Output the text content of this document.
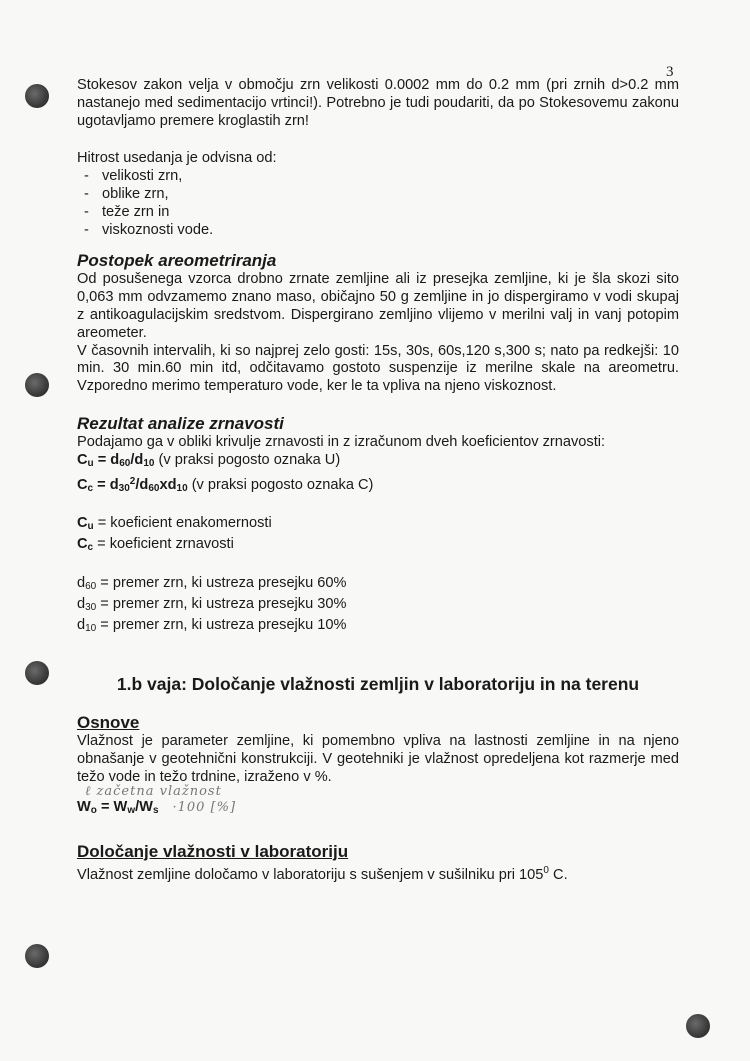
3

Stokesov zakon velja v območju zrn velikosti 0.0002 mm do 0.2 mm (pri zrnih d>0.2 mm nastanejo med sedimentacijo vrtinci!). Potrebno je tudi poudariti, da po Stokesovemu zakonu ugotavljamo premere kroglastih zrn!

Hitrost usedanja je odvisna od:

- velikosti zrn,
- oblike zrn,
- teže zrn in
- viskoznosti vode.
Postopek areometriranja

Od posušenega vzorca drobno zrnate zemljine ali iz presejka zemljine, ki je šla skozi sito 0,063 mm odvzamemo znano maso, običajno 50 g zemljine in jo dispergiramo v vodi skupaj z antikoagulacijskim sredstvom. Dispergirano zemljino vlijemo v merilni valj in vanj potopim areometer.

V časovnih intervalih, ki so najprej zelo gosti: 15s, 30s, 60s,120 s,300 s; nato pa redkejši: 10 min. 30 min.60 min itd, odčitavamo gostoto suspenzije iz merilne skale na areometru. Vzporedno merimo temperaturo vode, ker le ta vpliva na njeno viskoznost.

Rezultat analize zrnavosti

Podajamo ga v obliki krivulje zrnavosti in z izračunom dveh koeficientov zrnavosti:

$C_u = d_{60}/d_{10}$ (v praksi pogosto oznaka U)

$C_c = d_{30}^2/d_{60}xd_{10}$ (v praksi pogosto oznaka C)

$C_u$ = koeficient enakomernosti

$C_c$ = koeficient zrnavosti

$d_{60}$ = premer zrn, ki ustreza presejku 60%

$d_{30}$ = premer zrn, ki ustreza presejku 30%

$d_{10}$ = premer zrn, ki ustreza presejku 10%

1.b vaja: Določanje vlažnosti zemljin v laboratoriju in na terenu
Osnove

Vlažnost je parameter zemljine, ki pomembno vpliva na lastnosti zemljine in na njeno obnašanje v geotehnični konstrukciji. V geotehniki je vlažnost opredeljena kot razmerje med težo vode in težo trdnine, izraženo v %.

ℓ začetna vlažnost

$W_o = W_w/W_s \cdot 100$ [%]
Določanje vlažnosti v laboratoriju

Vlažnost zemljine določamo v laboratoriju s sušenjem v sušilniku pri $105^0$ C.
